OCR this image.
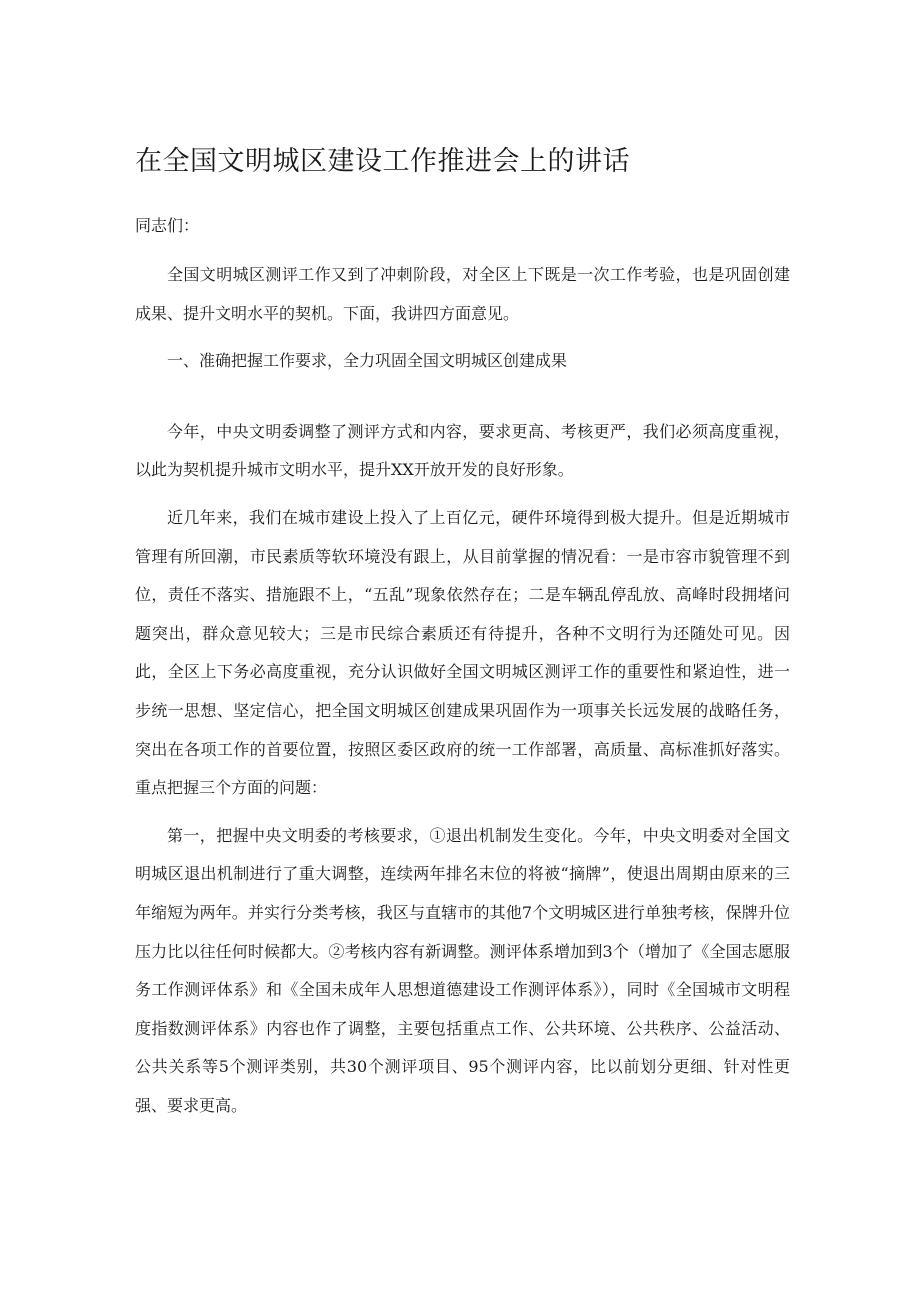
在全国文明城区建设工作推进会上的讲话
同志们：

全国文明城区测评工作又到了冲刺阶段，对全区上下既是一次工作考验，也是巩固创建成果、提升文明水平的契机。下面，我讲四方面意见。

一、准确把握工作要求，全力巩固全国文明城区创建成果

今年，中央文明委调整了测评方式和内容，要求更高、考核更严，我们必须高度重视，以此为契机提升城市文明水平，提升XX开放开发的良好形象。

近几年来，我们在城市建设上投入了上百亿元，硬件环境得到极大提升。但是近期城市管理有所回潮，市民素质等软环境没有跟上，从目前掌握的情况看：一是市容市貌管理不到位，责任不落实、措施跟不上，“五乱”现象依然存在；二是车辆乱停乱放、高峰时段拥堵问题突出，群众意见较大；三是市民综合素质还有待提升，各种不文明行为还随处可见。因此，全区上下务必高度重视，充分认识做好全国文明城区测评工作的重要性和紧迫性，进一步统一思想、坚定信心，把全国文明城区创建成果巩固作为一项事关长远发展的战略任务，突出在各项工作的首要位置，按照区委区政府的统一工作部署，高质量、高标准抓好落实。重点把握三个方面的问题：

第一，把握中央文明委的考核要求，①退出机制发生变化。今年，中央文明委对全国文明城区退出机制进行了重大调整，连续两年排名末位的将被“摘牌”，使退出周期由原来的三年缩短为两年。并实行分类考核，我区与直辖市的其他7个文明城区进行单独考核，保牌升位压力比以往任何时候都大。②考核内容有新调整。测评体系增加到3个（增加了《全国志愿服务工作测评体系》和《全国未成年人思想道德建设工作测评体系》），同时《全国城市文明程度指数测评体系》内容也作了调整，主要包括重点工作、公共环境、公共秩序、公益活动、公共关系等5个测评类别，共30个测评项目、95个测评内容，比以前划分更细、针对性更强、要求更高。
